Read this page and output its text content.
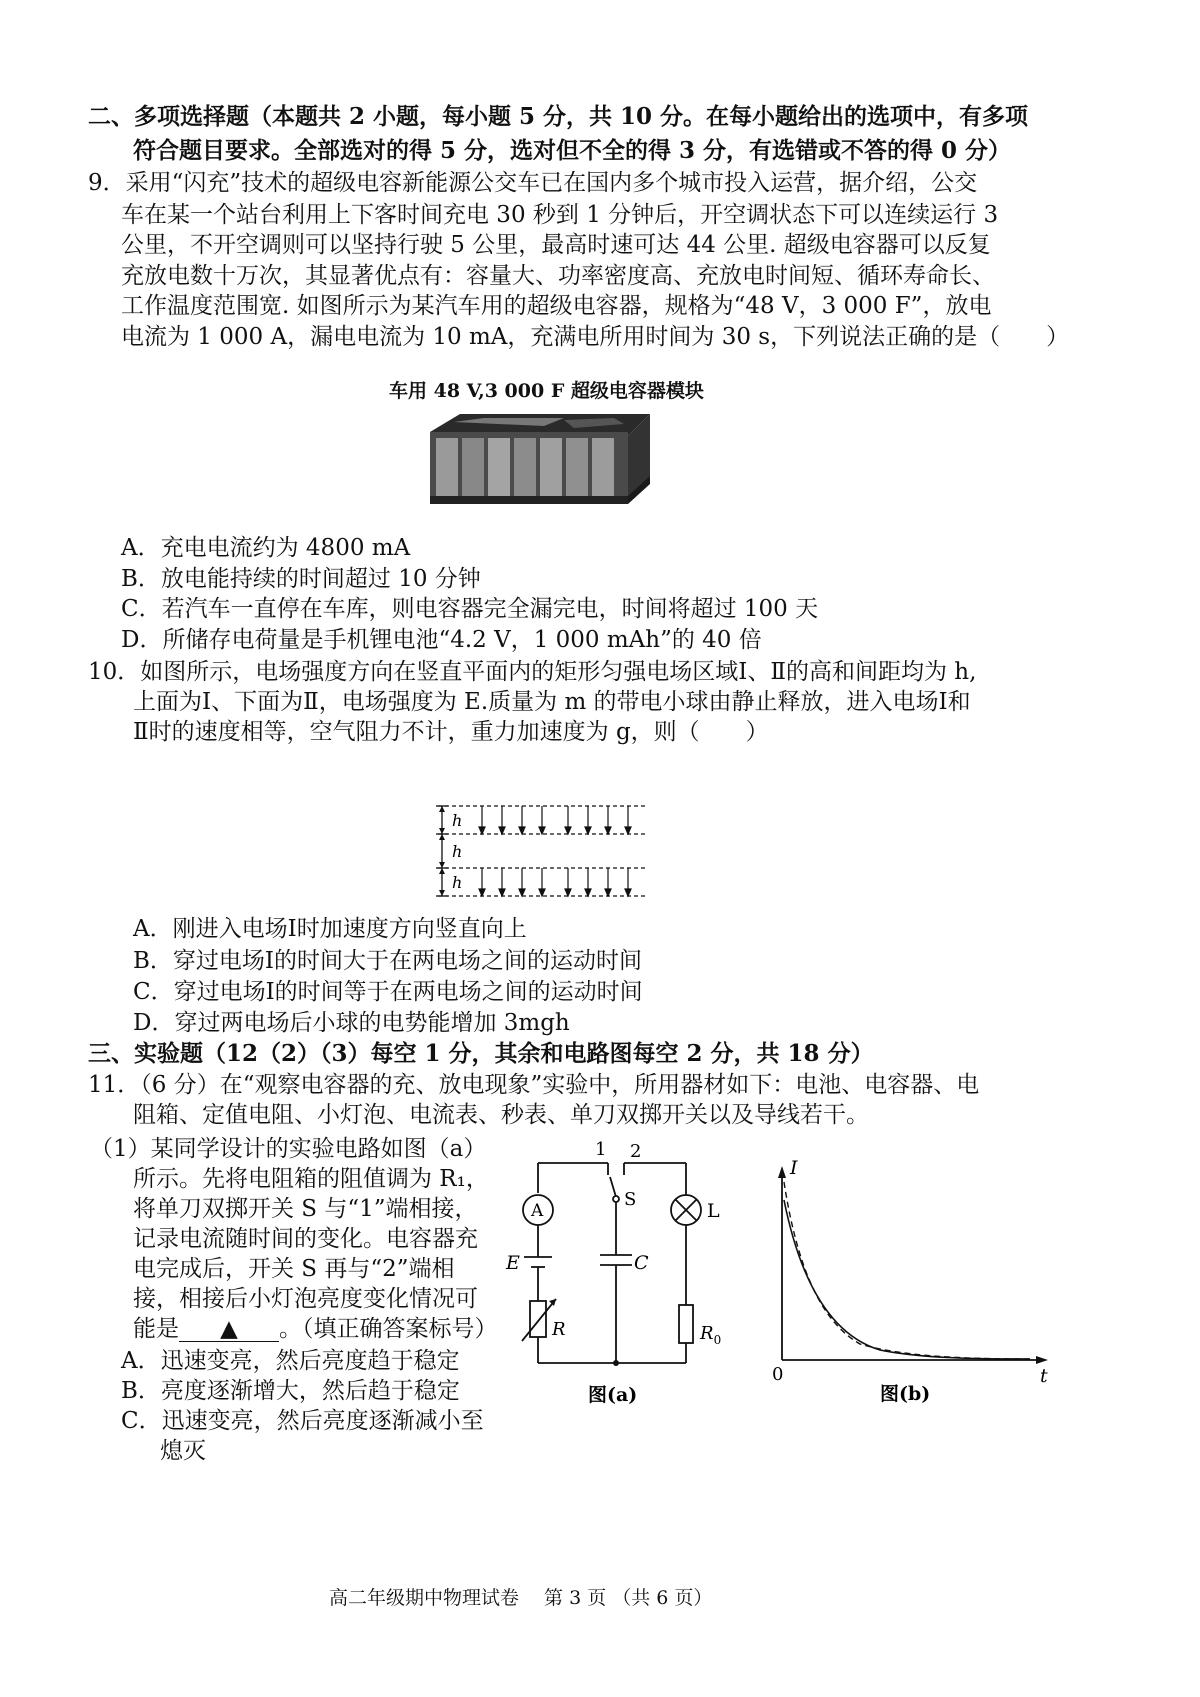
二、多项选择题（本题共 2 小题，每小题 5 分，共 10 分。在每小题给出的选项中，有多项
符合题目要求。全部选对的得 5 分，选对但不全的得 3 分，有选错或不答的得 0 分）
9．采用“闪充”技术的超级电容新能源公交车已在国内多个城市投入运营，据介绍，公交
车在某一个站台利用上下客时间充电 30 秒到 1 分钟后，开空调状态下可以连续运行 3
公里，不开空调则可以坚持行驶 5 公里，最高时速可达 44 公里. 超级电容器可以反复
充放电数十万次，其显著优点有：容量大、功率密度高、充放电时间短、循环寿命长、
工作温度范围宽. 如图所示为某汽车用的超级电容器，规格为“48 V，3 000 F”，放电
电流为 1 000 A，漏电电流为 10 mA，充满电所用时间为 30 s，下列说法正确的是（　　）
车用 48 V,3 000 F 超级电容器模块
A．充电电流约为 4800 mA
B．放电能持续的时间超过 10 分钟
C．若汽车一直停在车库，则电容器完全漏完电，时间将超过 100 天
D．所储存电荷量是手机锂电池“4.2 V，1 000 mAh”的 40 倍
10．如图所示，电场强度方向在竖直平面内的矩形匀强电场区域Ⅰ、Ⅱ的高和间距均为 h,
上面为Ⅰ、下面为Ⅱ，电场强度为 E.质量为 m 的带电小球由静止释放，进入电场Ⅰ和
Ⅱ时的速度相等，空气阻力不计，重力加速度为 g，则（　　）
h
h
h
A．刚进入电场Ⅰ时加速度方向竖直向上
B．穿过电场Ⅰ的时间大于在两电场之间的运动时间
C．穿过电场Ⅰ的时间等于在两电场之间的运动时间
D．穿过两电场后小球的电势能增加 3mgh
三、实验题（12（2）（3）每空 1 分，其余和电路图每空 2 分，共 18 分）
11．（6 分）在“观察电容器的充、放电现象”实验中，所用器材如下：电池、电容器、电
阻箱、定值电阻、小灯泡、电流表、秒表、单刀双掷开关以及导线若干。
（1）某同学设计的实验电路如图（a）
所示。先将电阻箱的阻值调为 R₁，
将单刀双掷开关 S 与“1”端相接，
记录电流随时间的变化。电容器充
电完成后，开关 S 再与“2”端相
接，相接后小灯泡亮度变化情况可
能是 ▲ 。（填正确答案标号）
A．迅速变亮，然后亮度趋于稳定
B．亮度逐渐增大，然后趋于稳定
C．迅速变亮，然后亮度逐渐减小至
熄灭
1 2
S
L
A
E	C
R	$R_0$
图(a)
I
t
0
图(b)
高二年级期中物理试卷　 第 3 页 （共 6 页）
